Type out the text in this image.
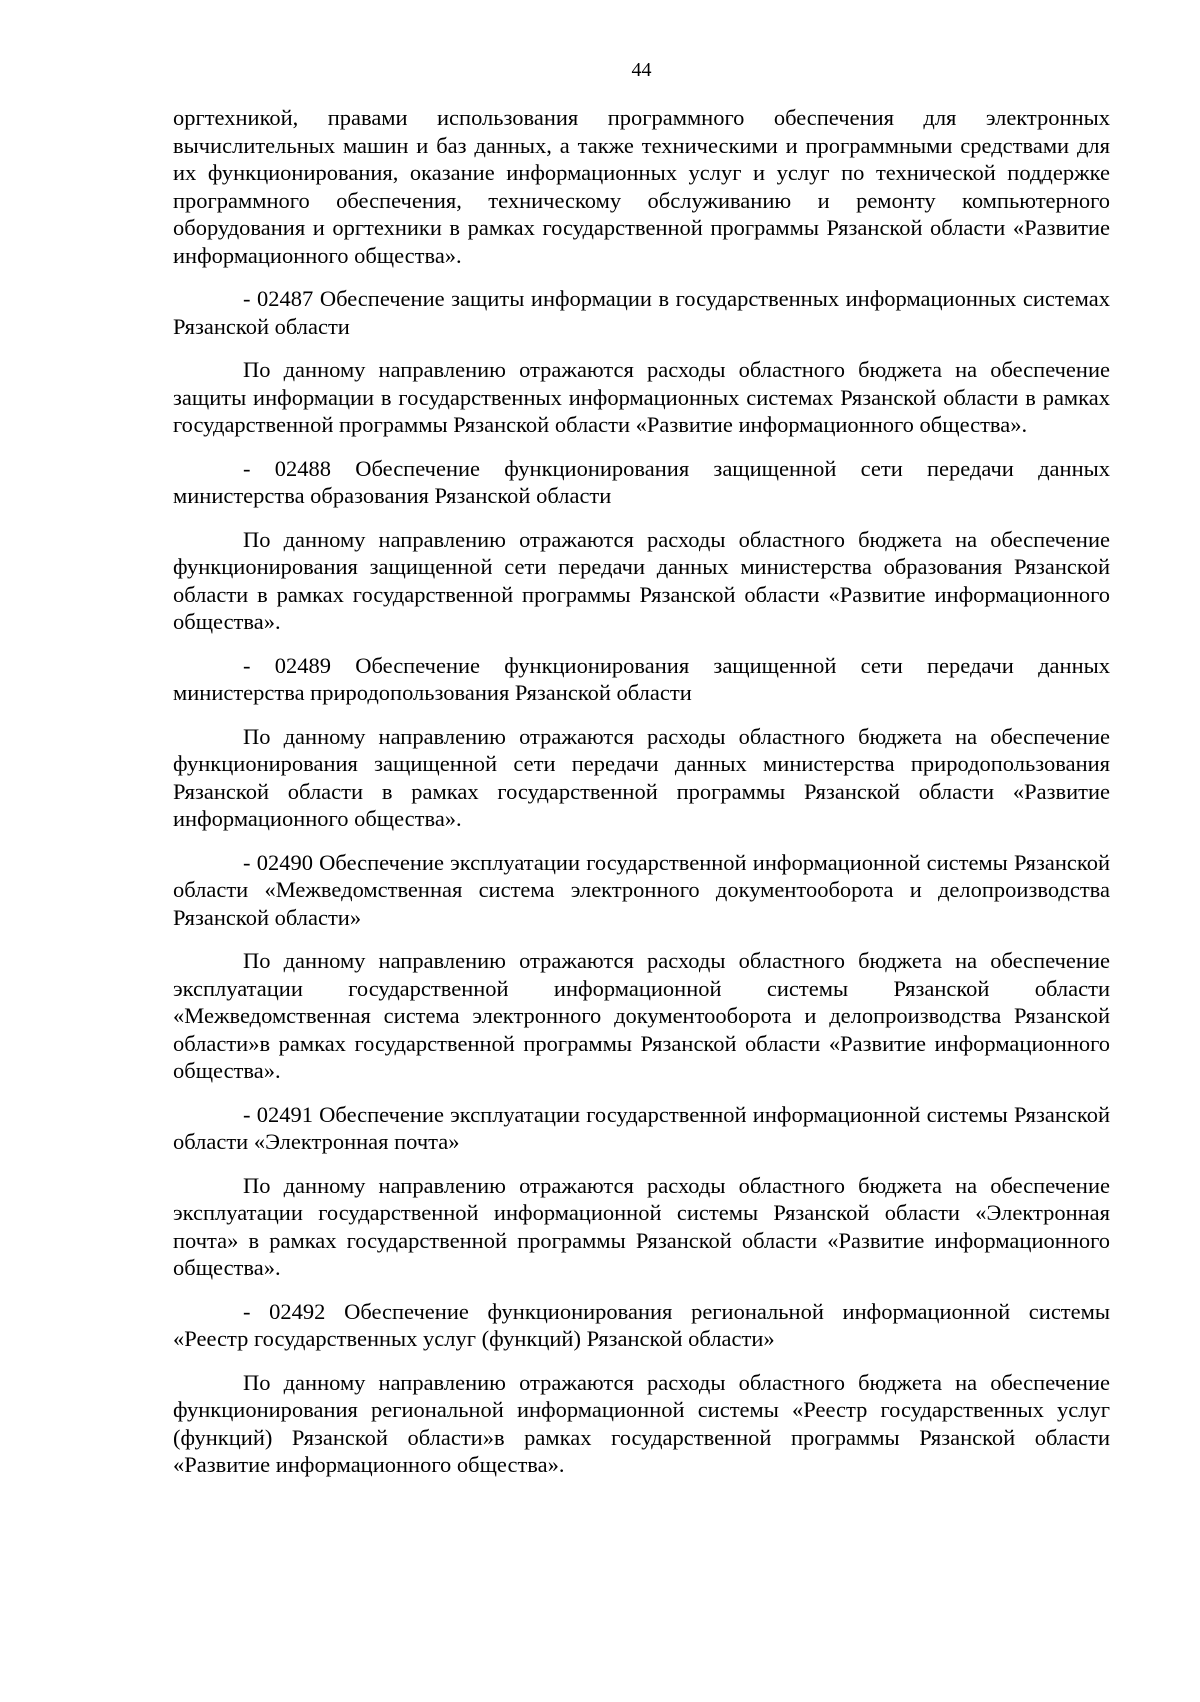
44

оргтехникой, правами использования программного обеспечения для электронных вычислительных машин и баз данных, а также техническими и программными средствами для их функционирования, оказание информационных услуг и услуг по технической поддержке программного обеспечения, техническому обслуживанию и ремонту компьютерного оборудования и оргтехники в рамках государственной программы Рязанской области «Развитие информационного общества».

- 02487 Обеспечение защиты информации в государственных информационных системах Рязанской области

По данному направлению отражаются расходы областного бюджета на обеспечение защиты информации в государственных информационных системах Рязанской области в рамках государственной программы Рязанской области «Развитие информационного общества».

- 02488 Обеспечение функционирования защищенной сети передачи данных министерства образования Рязанской области

По данному направлению отражаются расходы областного бюджета на обеспечение функционирования защищенной сети передачи данных министерства образования Рязанской области в рамках государственной программы Рязанской области «Развитие информационного общества».

- 02489 Обеспечение функционирования защищенной сети передачи данных министерства природопользования Рязанской области

По данному направлению отражаются расходы областного бюджета на обеспечение функционирования защищенной сети передачи данных министерства природопользования Рязанской области в рамках государственной программы Рязанской области «Развитие информационного общества».

- 02490 Обеспечение эксплуатации государственной информационной системы Рязанской области «Межведомственная система электронного документооборота и делопроизводства Рязанской области»

По данному направлению отражаются расходы областного бюджета на обеспечение эксплуатации государственной информационной системы Рязанской области «Межведомственная система электронного документооборота и делопроизводства Рязанской области»в рамках государственной программы Рязанской области «Развитие информационного общества».

- 02491 Обеспечение эксплуатации государственной информационной системы Рязанской области «Электронная почта»

По данному направлению отражаются расходы областного бюджета на обеспечение эксплуатации государственной информационной системы Рязанской области «Электронная почта» в рамках государственной программы Рязанской области «Развитие информационного общества».

- 02492 Обеспечение функционирования региональной информационной системы «Реестр государственных услуг (функций) Рязанской области»

По данному направлению отражаются расходы областного бюджета на обеспечение функционирования региональной информационной системы «Реестр государственных услуг (функций) Рязанской области»в рамках государственной программы Рязанской области «Развитие информационного общества».
